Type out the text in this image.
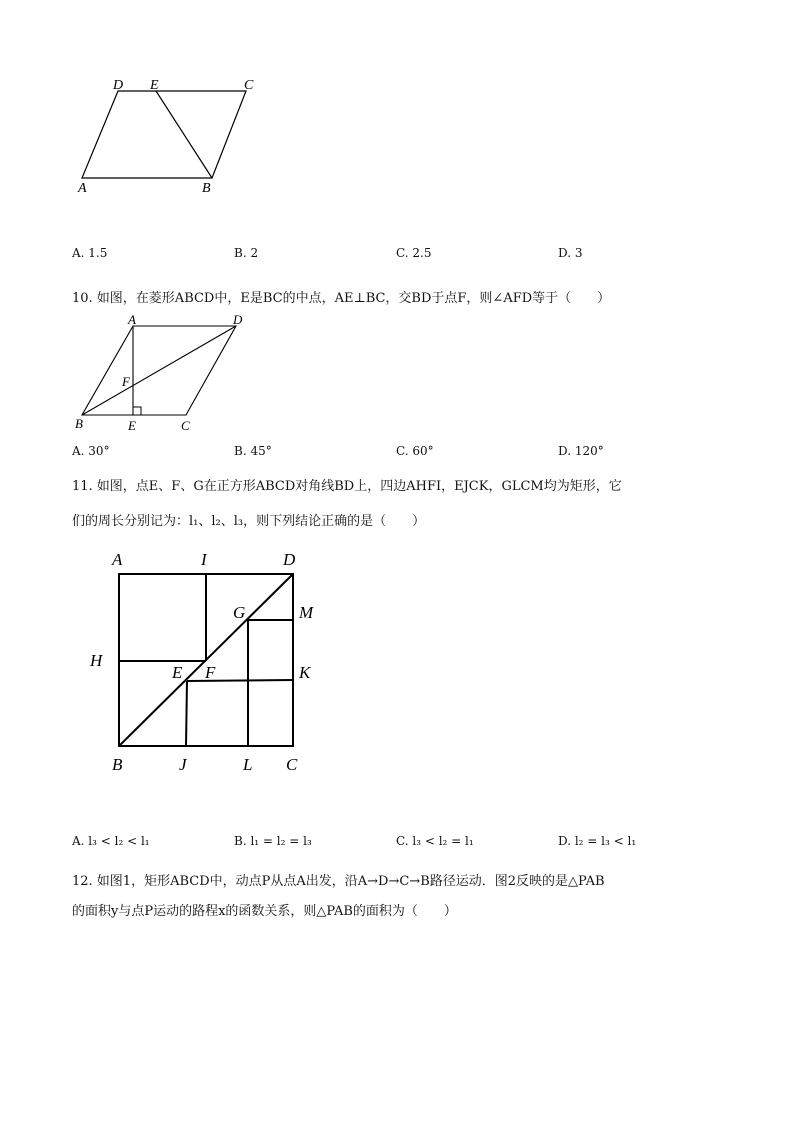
D E	C
A	B
A. 1.5	B. 2	C. 2.5	D. 3
10. 如图，在菱形ABCD中，E是BC的中点，AE⊥BC，交BD于点F，则∠AFD等于（　　）
A	D
F
B	E	C
A. 30°	B. 45°	C. 60°	D. 120°
11. 如图，点E、F、G在正方形ABCD对角线BD上，四边AHFI，EJCK，GLCM均为矩形，它
们的周长分别记为：l₁、l₂、l₃，则下列结论正确的是（　　）
A	I	D
G	M
H
E F	K
B	J	L C
A. l₃ < l₂ < l₁	B. l₁ = l₂ = l₃	C. l₃ < l₂ = l₁	D. l₂ = l₃ < l₁
12. 如图1，矩形ABCD中，动点P从点A出发，沿A→D→C→B路径运动．图2反映的是△PAB
的面积y与点P运动的路程x的函数关系，则△PAB的面积为（　　）
